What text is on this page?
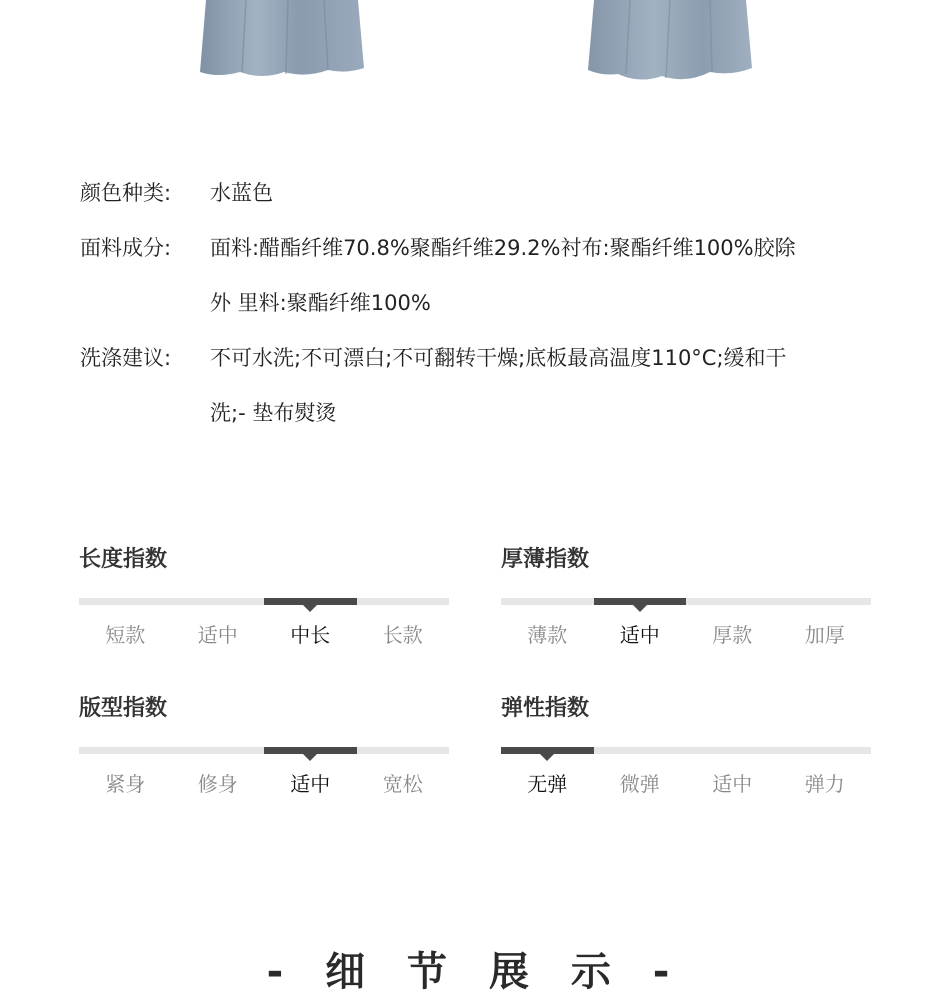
颜色种类:	水蓝色
面料成分:	面料:醋酯纤维70.8%聚酯纤维29.2%衬布:聚酯纤维100%胶除
外 里料:聚酯纤维100%
洗涤建议:	不可水洗;不可漂白;不可翻转干燥;底板最高温度110°C;缓和干
洗;- 垫布熨烫
长度指数
短款	适中	中长	长款
厚薄指数
薄款	适中	厚款	加厚
版型指数
紧身	修身	适中	宽松
弹性指数
无弹	微弹	适中	弹力
- 细 节 展 示 -
